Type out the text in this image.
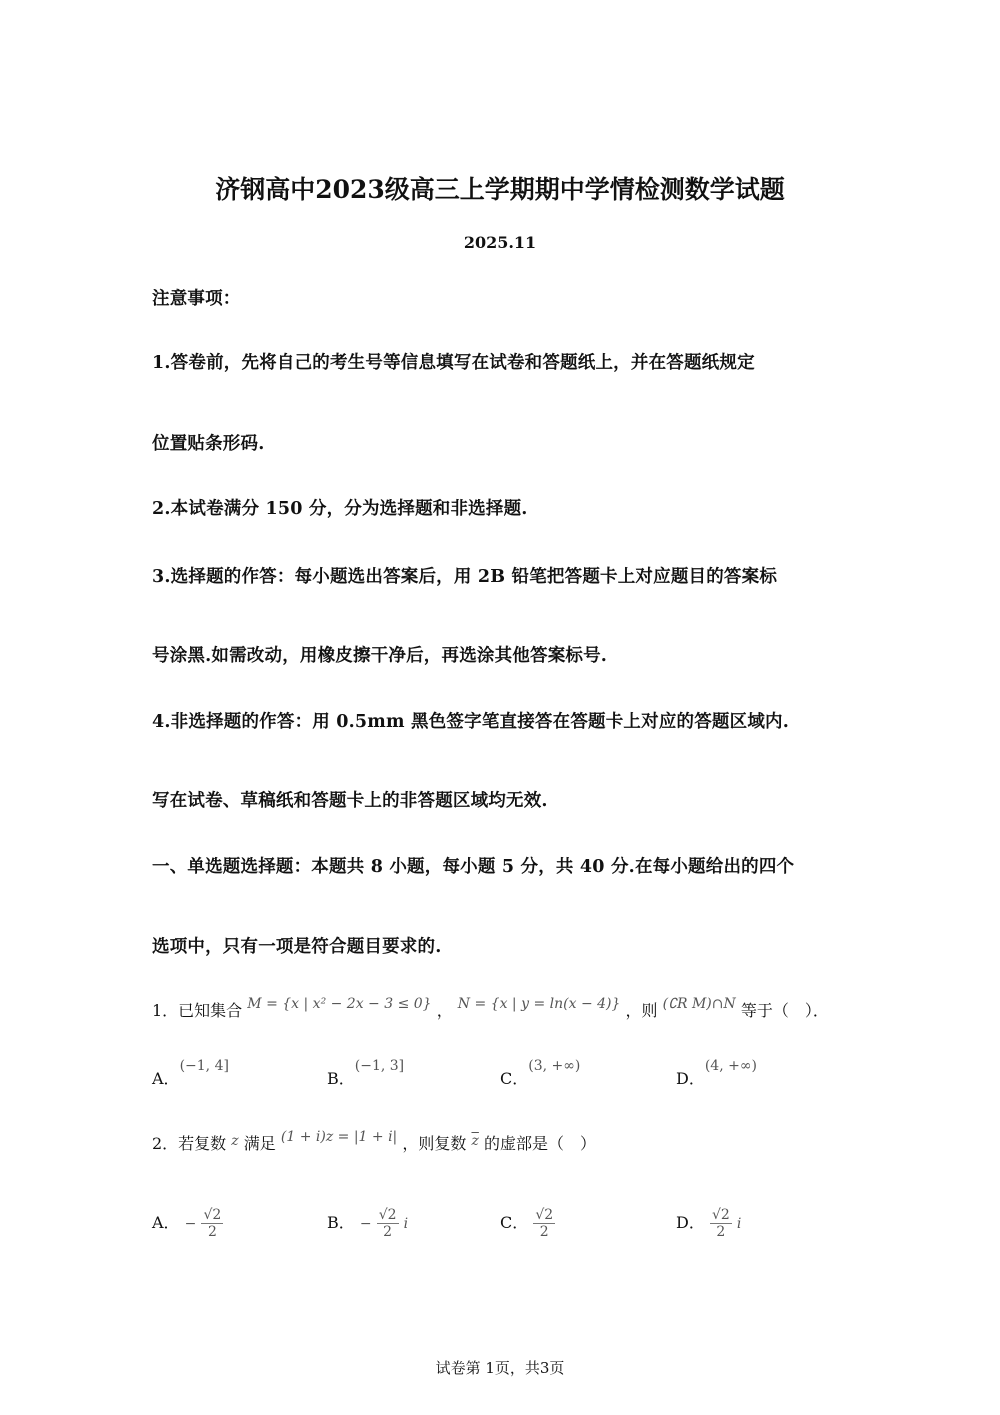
济钢高中2023级高三上学期期中学情检测数学试题
2025.11
注意事项：
1.答卷前，先将自己的考生号等信息填写在试卷和答题纸上，并在答题纸规定
位置贴条形码.
2.本试卷满分 150 分，分为选择题和非选择题.
3.选择题的作答：每小题选出答案后，用 2B 铅笔把答题卡上对应题目的答案标
号涂黑.如需改动，用橡皮擦干净后，再选涂其他答案标号.
4.非选择题的作答：用 0.5mm 黑色签字笔直接答在答题卡上对应的答题区域内.
写在试卷、草稿纸和答题卡上的非答题区域均无效.
一、单选题选择题：本题共 8 小题，每小题 5 分，共 40 分.在每小题给出的四个
选项中，只有一项是符合题目要求的.
1．已知集合 M = {x | x² − 2x − 3 ≤ 0} ， N = {x | y = ln(x − 4)} ，则 (∁R M)∩N 等于（　）．
A．(−1, 4]
B．(−1, 3]
C．(3, +∞)
D．(4, +∞)
2．若复数 z 满足 (1 + i)z = |1 + i| ，则复数 $\overline{z}$ 的虚部是（　）
A． − $\frac{√2}{2}$	B． − $\frac{√2}{2}$ i	C． $\frac{√2}{2}$	D． $\frac{√2}{2}$ i
试卷第 1页，共3页
